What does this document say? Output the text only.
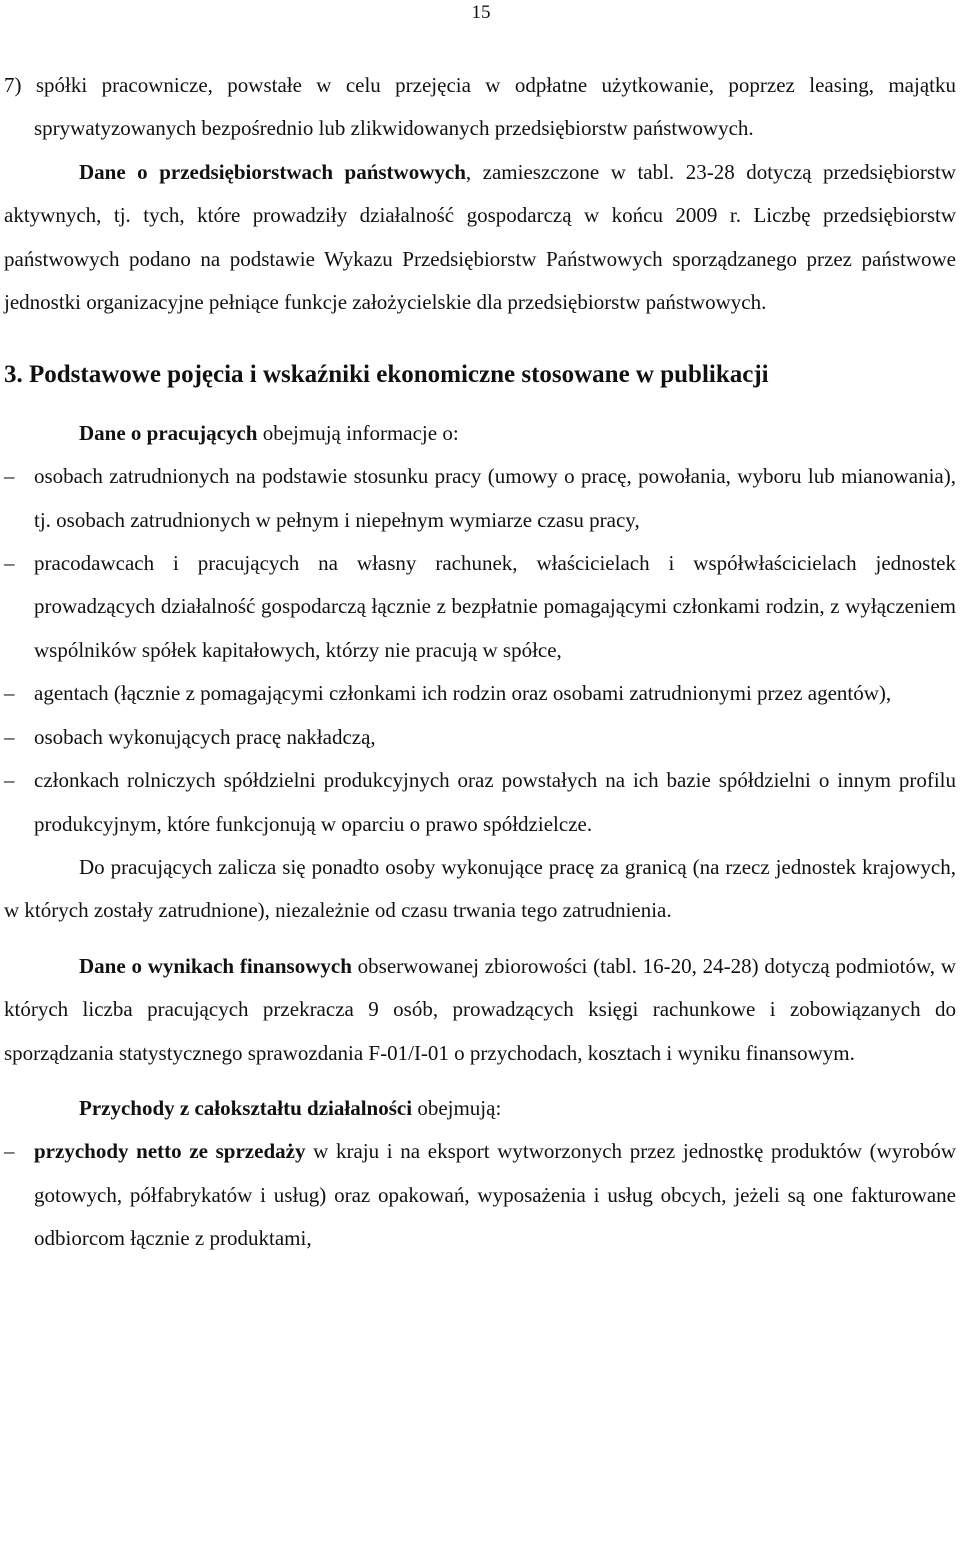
15

7) spółki pracownicze, powstałe w celu przejęcia w odpłatne użytkowanie, poprzez leasing, majątku sprywatyzowanych bezpośrednio lub zlikwidowanych przedsiębiorstw państwowych.

Dane o przedsiębiorstwach państwowych, zamieszczone w tabl. 23-28 dotyczą przedsiębiorstw aktywnych, tj. tych, które prowadziły działalność gospodarczą w końcu 2009 r. Liczbę przedsiębiorstw państwowych podano na podstawie Wykazu Przedsiębiorstw Państwowych sporządzanego przez państwowe jednostki organizacyjne pełniące funkcje założycielskie dla przedsiębiorstw państwowych.

3. Podstawowe pojęcia i wskaźniki ekonomiczne stosowane w publikacji

Dane o pracujących obejmują informacje o:

– osobach zatrudnionych na podstawie stosunku pracy (umowy o pracę, powołania, wyboru lub mianowania), tj. osobach zatrudnionych w pełnym i niepełnym wymiarze czasu pracy,
– pracodawcach i pracujących na własny rachunek, właścicielach i współwłaścicielach jednostek prowadzących działalność gospodarczą łącznie z bezpłatnie pomagającymi członkami rodzin, z wyłączeniem wspólników spółek kapitałowych, którzy nie pracują w spółce,
– agentach (łącznie z pomagającymi członkami ich rodzin oraz osobami zatrudnionymi przez agentów),
– osobach wykonujących pracę nakładczą,
– członkach rolniczych spółdzielni produkcyjnych oraz powstałych na ich bazie spółdzielni o innym profilu produkcyjnym, które funkcjonują w oparciu o prawo spółdzielcze.

Do pracujących zalicza się ponadto osoby wykonujące pracę za granicą (na rzecz jednostek krajowych, w których zostały zatrudnione), niezależnie od czasu trwania tego zatrudnienia.

Dane o wynikach finansowych obserwowanej zbiorowości (tabl. 16-20, 24-28) dotyczą podmiotów, w których liczba pracujących przekracza 9 osób, prowadzących księgi rachunkowe i zobowiązanych do sporządzania statystycznego sprawozdania F-01/I-01 o przychodach, kosztach i wyniku finansowym.

Przychody z całokształtu działalności obejmują:

– przychody netto ze sprzedaży w kraju i na eksport wytworzonych przez jednostkę produktów (wyrobów gotowych, półfabrykatów i usług) oraz opakowań, wyposażenia i usług obcych, jeżeli są one fakturowane odbiorcom łącznie z produktami,
